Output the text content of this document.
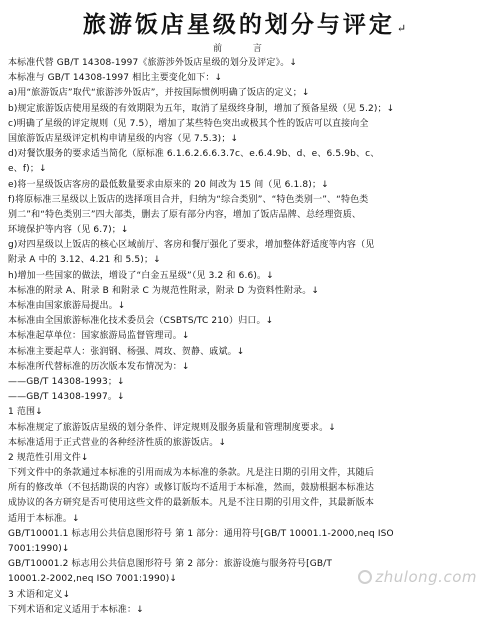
旅游饭店星级的划分与评定 ↵
前 言
本标准代替 GB/T 14308-1997《旅游涉外饭店星级的划分及评定》。↓
本标准与 GB/T 14308-1997 相比主要变化如下：↓
a)用“旅游饭店”取代“旅游涉外饭店”，并按国际惯例明确了饭店的定义；↓
b)规定旅游饭店使用星级的有效期限为五年，取消了星级终身制，增加了预备星级（见 5.2)；↓
c)明确了星级的评定规则（见 7.5），增加了某些特色突出或极其个性的饭店可以直接向全
国旅游饭店星级评定机构申请星级的内容（见 7.5.3)；↓
d)对餐饮服务的要求适当简化（原标准 6.1.6.2.6.6.3.7c、e.6.4.9b、d、e、6.5.9b、c、
e、f)；↓
e)将一星级饭店客房的最低数量要求由原来的 20 间改为 15 间（见 6.1.8)；↓
f)将原标准三星级以上饭店的选择项目合并，归纳为“综合类别”、“特色类别一”、“特色类
别二”和“特色类别三”四大部类，删去了原有部分内容，增加了饭店品牌、总经理资质、
环境保护等内容（见 6.7)；↓
g)对四星级以上饭店的核心区域前厅、客房和餐厅强化了要求，增加整体舒适度等内容（见
附录 A 中的 3.12、4.21 和 5.5)；↓
h)增加一些国家的做法，增设了“白金五星级”（见 3.2 和 6.6)。↓
本标准的附录 A、附录 B 和附录 C 为规范性附录，附录 D 为资料性附录。↓
本标准由国家旅游局提出。↓
本标准由全国旅游标准化技术委员会（CSBTS/TC 210）归口。↓
本标准起草单位：国家旅游局监督管理司。↓
本标准主要起草人：张润钢、杨强、周玫、贺静、戚斌。↓
本标准所代替标准的历次版本发布情况为：↓
——GB/T 14308-1993；↓
——GB/T 14308-1997。↓
1 范围↓
本标准规定了旅游饭店星级的划分条件、评定规则及服务质量和管理制度要求。↓
本标准适用于正式营业的各种经济性质的旅游饭店。↓
2 规范性引用文件↓
下列文件中的条款通过本标准的引用而成为本标准的条款。凡是注日期的引用文件，其随后
所有的修改单（不包括勘误的内容）或修订版均不适用于本标准，然而，鼓励根据本标准达
成协议的各方研究是否可使用这些文件的最新版本。凡是不注日期的引用文件，其最新版本
适用于本标准。↓
GB/T10001.1 标志用公共信息图形符号 第 1 部分：通用符号[GB/T 10001.1-2000,neq ISO
7001:1990)↓
GB/T10001.2 标志用公共信息图形符号 第 2 部分：旅游设施与服务符号[GB/T
10001.2-2002,neq ISO 7001:1990)↓
3 术语和定义↓
下列术语和定义适用于本标准：↓
zhulong.com
